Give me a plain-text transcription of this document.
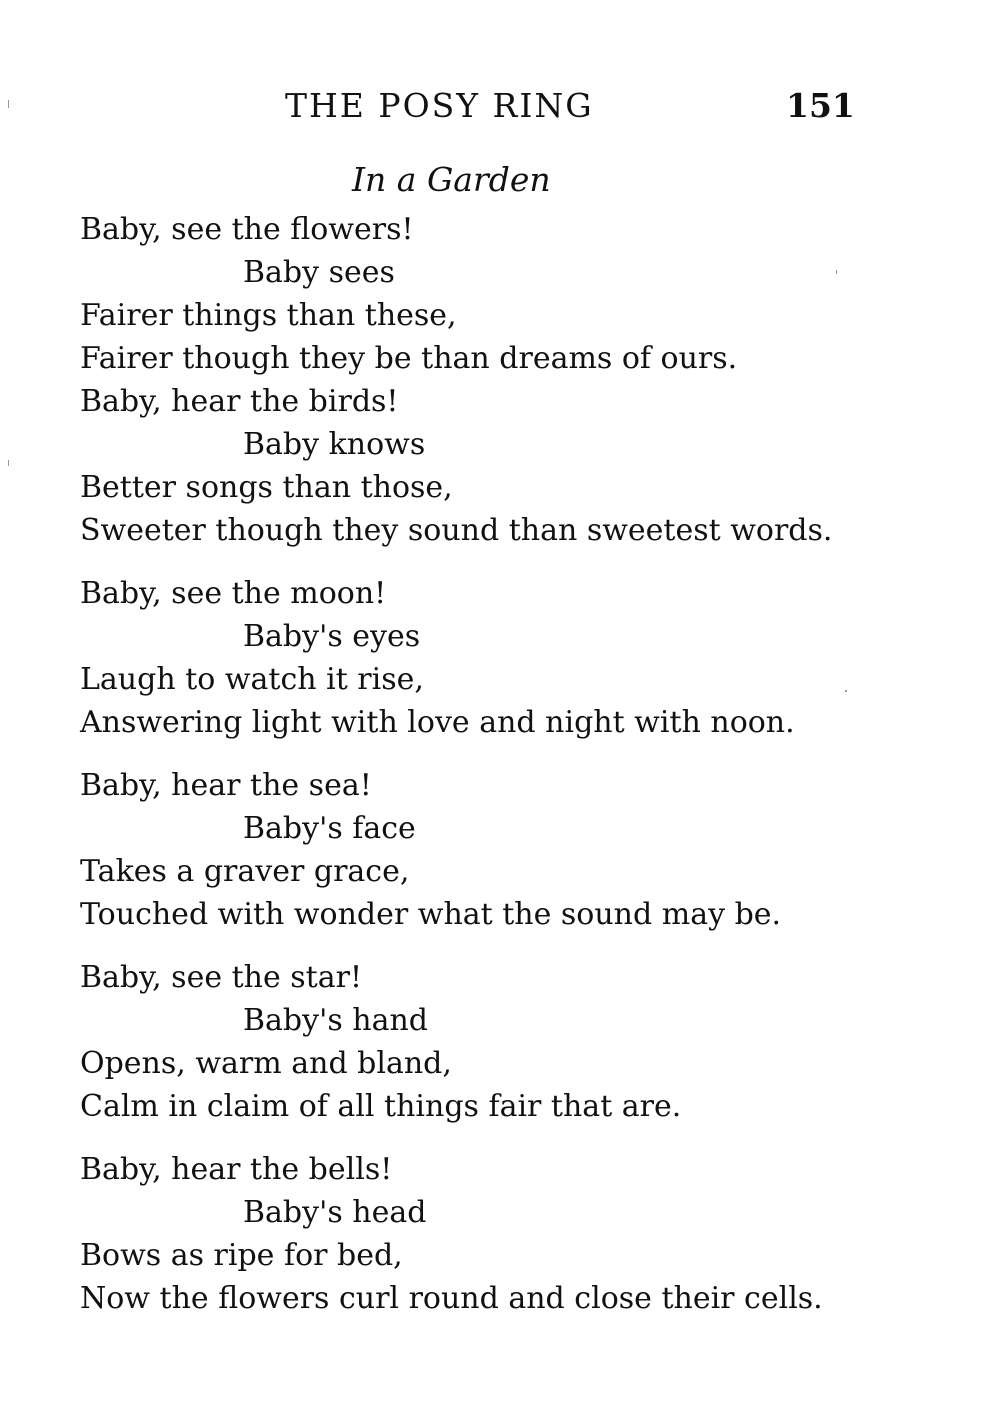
THE POSY RING	151
In a Garden
Baby, see the flowers!
Baby sees
Fairer things than these,
Fairer though they be than dreams of ours.
Baby, hear the birds!
Baby knows
Better songs than those,
Sweeter though they sound than sweetest words.
Baby, see the moon!
Baby's eyes
Laugh to watch it rise,
Answering light with love and night with noon.
Baby, hear the sea!
Baby's face
Takes a graver grace,
Touched with wonder what the sound may be.
Baby, see the star!
Baby's hand
Opens, warm and bland,
Calm in claim of all things fair that are.
Baby, hear the bells!
Baby's head
Bows as ripe for bed,
Now the flowers curl round and close their cells.
